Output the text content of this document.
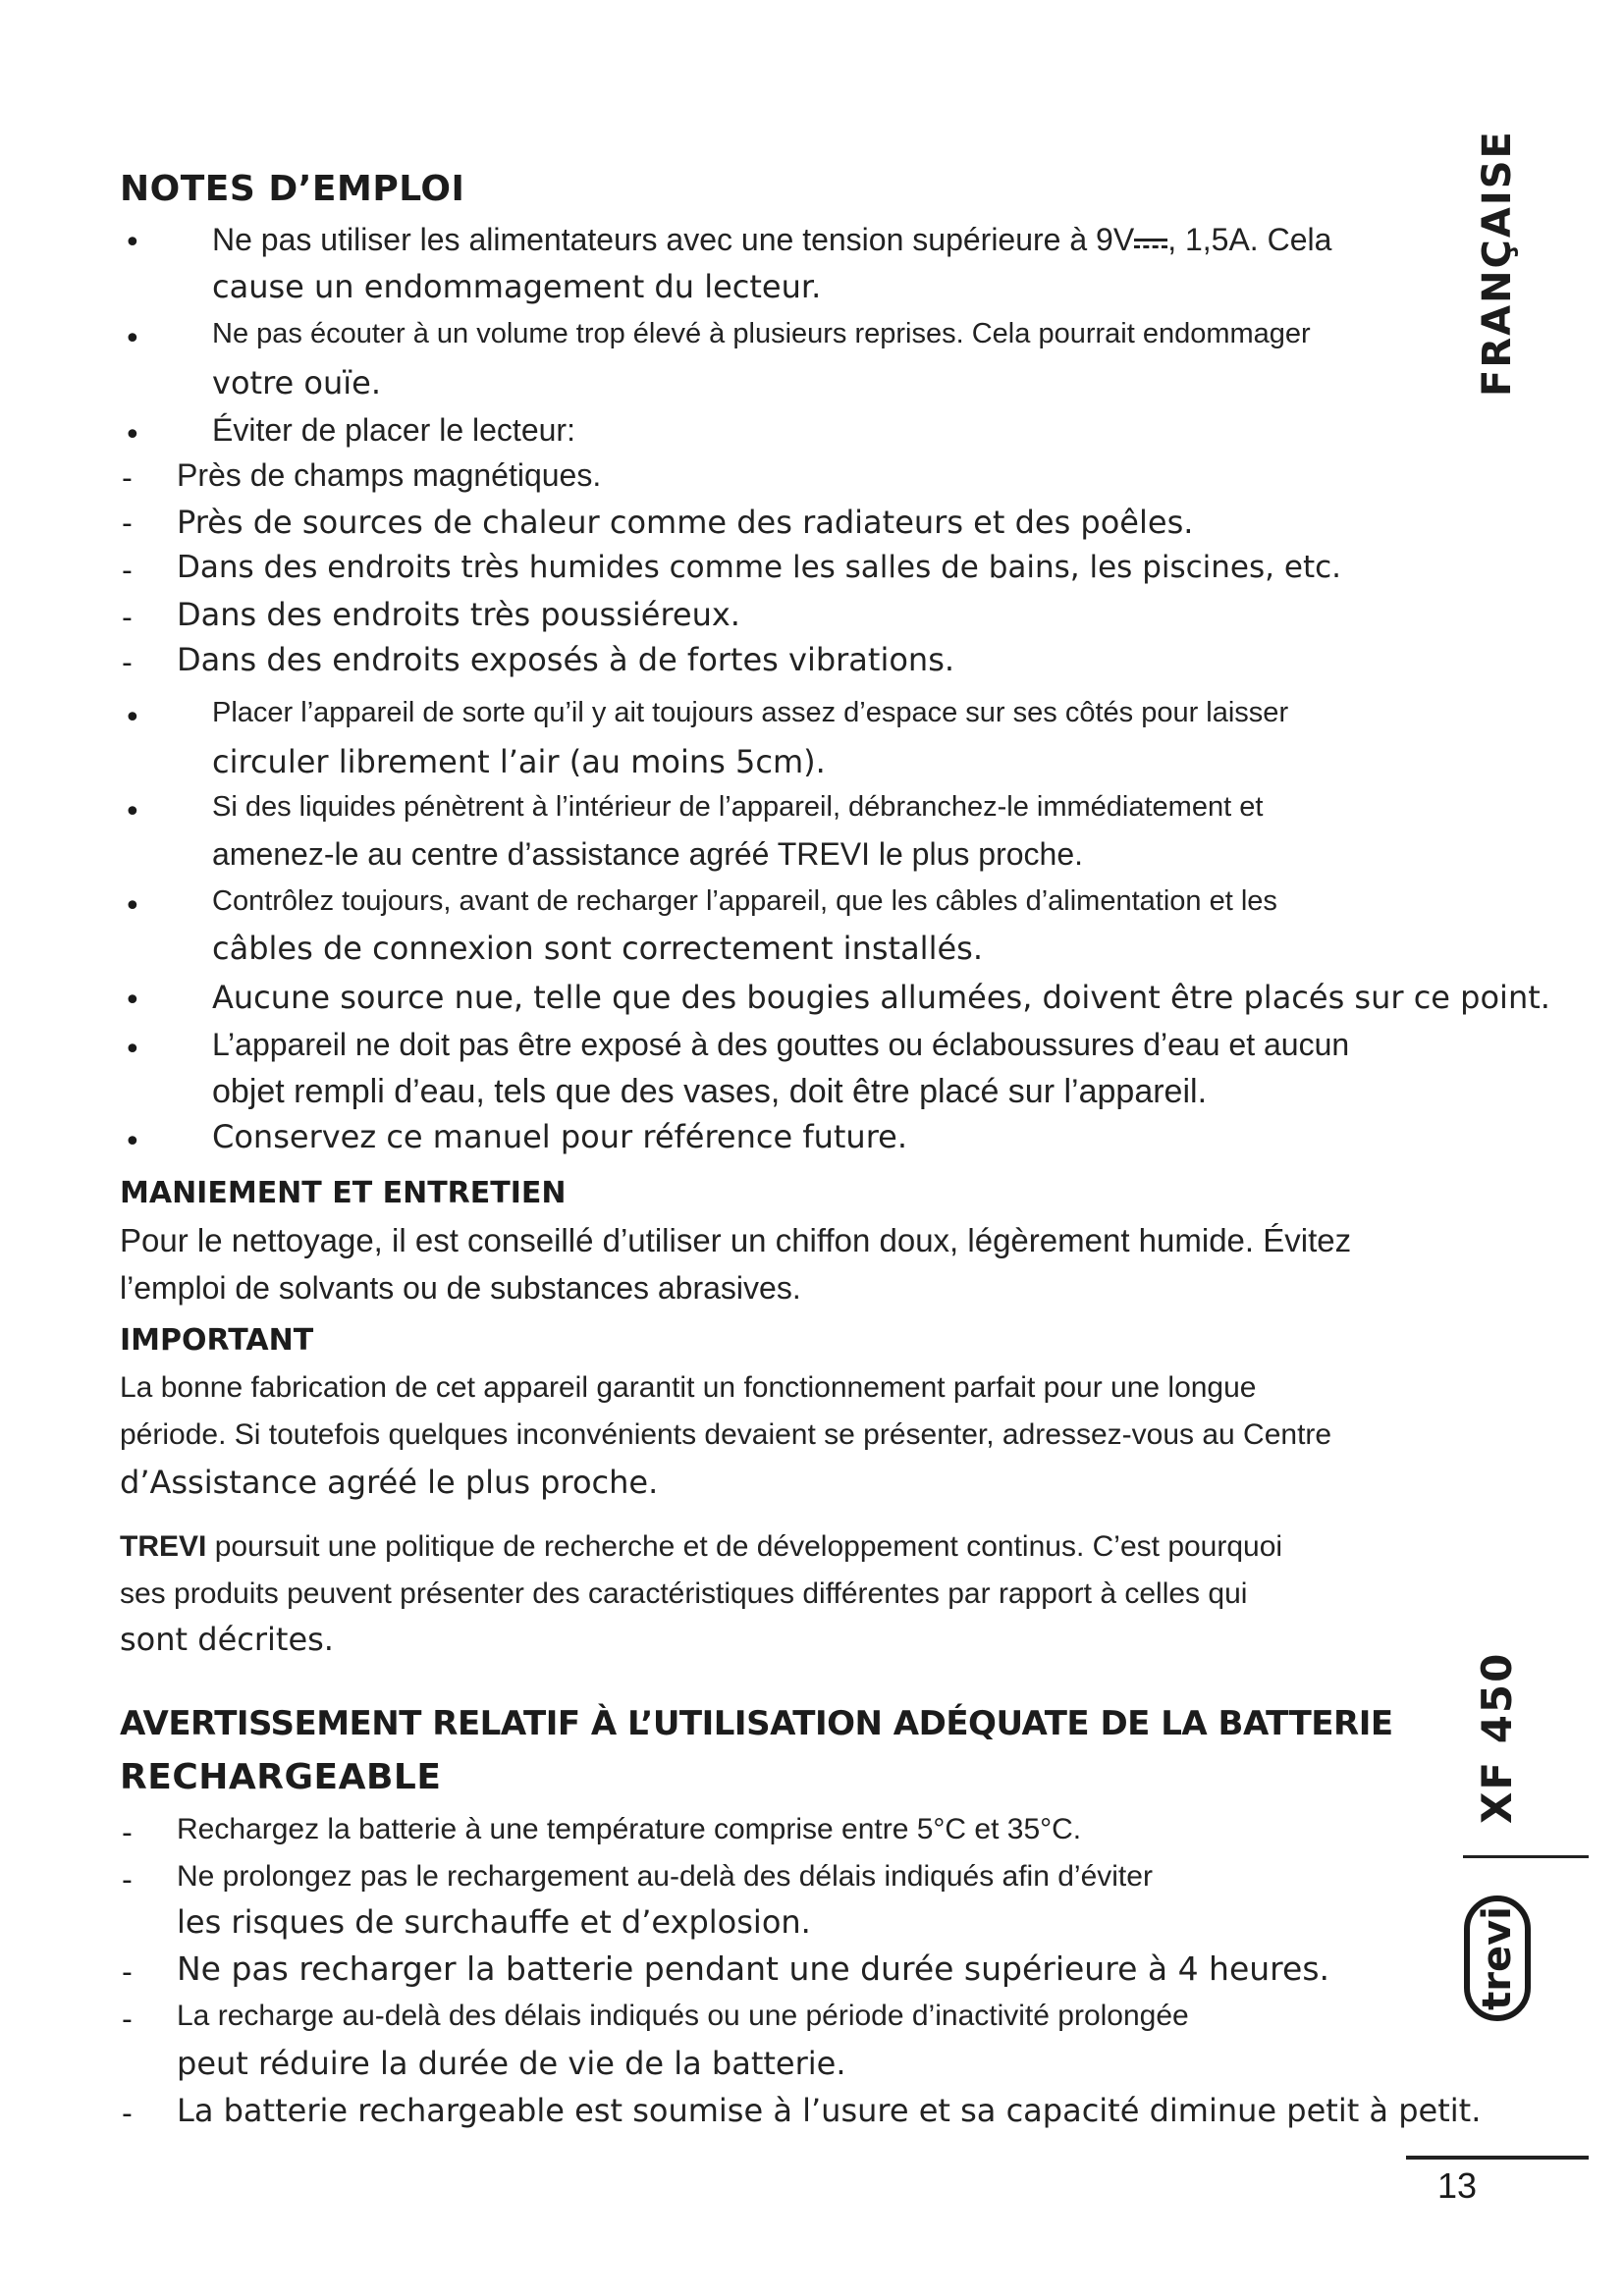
FRANÇAISE
XF 450
trevi
13
NOTES D’EMPLOI
• Ne pas utiliser les alimentateurs avec une tension supérieure à 9V , 1,5A. Cela
cause un endommagement du lecteur.
• Ne pas écouter à un volume trop élevé à plusieurs reprises. Cela pourrait endommager
votre ouïe.
• Éviter de placer le lecteur:
- Près de champs magnétiques.
- Près de sources de chaleur comme des radiateurs et des poêles.
- Dans des endroits très humides comme les salles de bains, les piscines, etc.
- Dans des endroits très poussiéreux.
- Dans des endroits exposés à de fortes vibrations.
• Placer l’appareil de sorte qu’il y ait toujours assez d’espace sur ses côtés pour laisser
circuler librement l’air (au moins 5cm).
• Si des liquides pénètrent à l’intérieur de l’appareil, débranchez-le immédiatement et
amenez-le au centre d’assistance agréé TREVI le plus proche.
• Contrôlez toujours, avant de recharger l’appareil, que les câbles d’alimentation et les
câbles de connexion sont correctement installés.
• Aucune source nue, telle que des bougies allumées, doivent être placés sur ce point.
• L’appareil ne doit pas être exposé à des gouttes ou éclaboussures d’eau et aucun
objet rempli d’eau, tels que des vases, doit être placé sur l’appareil.
• Conservez ce manuel pour référence future.
MANIEMENT ET ENTRETIEN
Pour le nettoyage, il est conseillé d’utiliser un chiffon doux, légèrement humide. Évitez
l’emploi de solvants ou de substances abrasives.
IMPORTANT
La bonne fabrication de cet appareil garantit un fonctionnement parfait pour une longue
période. Si toutefois quelques inconvénients devaient se présenter, adressez-vous au Centre
d’Assistance agréé le plus proche.
TREVI poursuit une politique de recherche et de développement continus. C’est pourquoi
ses produits peuvent présenter des caractéristiques différentes par rapport à celles qui
sont décrites.
AVERTISSEMENT RELATIF À L’UTILISATION ADÉQUATE DE LA BATTERIE
RECHARGEABLE
- Rechargez la batterie à une température comprise entre 5°C et 35°C.
- Ne prolongez pas le rechargement au-delà des délais indiqués afin d’éviter
les risques de surchauffe et d’explosion.
- Ne pas recharger la batterie pendant une durée supérieure à 4 heures.
- La recharge au-delà des délais indiqués ou une période d’inactivité prolongée
peut réduire la durée de vie de la batterie.
- La batterie rechargeable est soumise à l’usure et sa capacité diminue petit à petit.
